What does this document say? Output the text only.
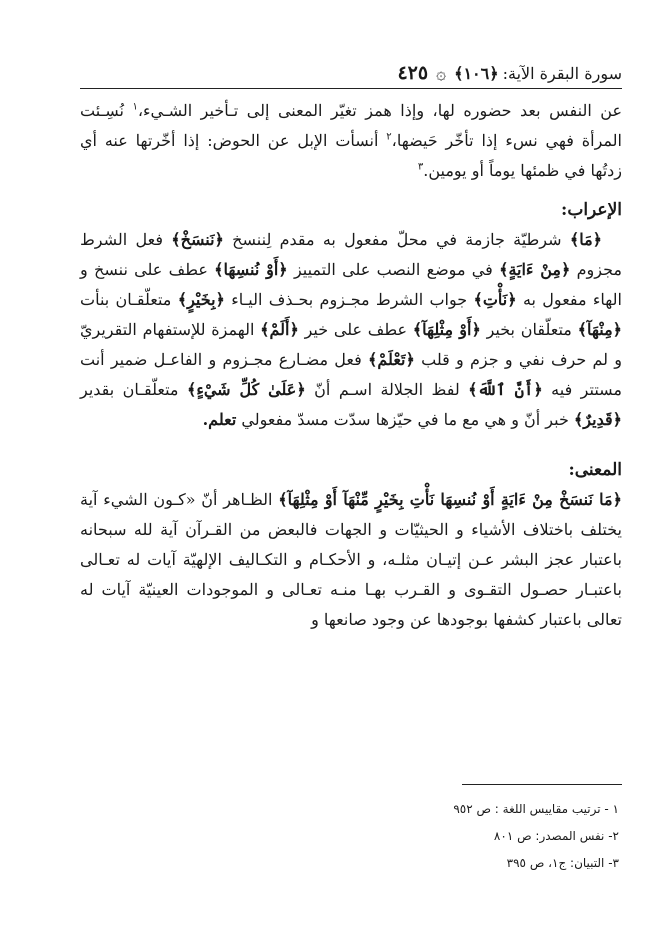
سورة البقرة الآية:
﴿١٠٦﴾
۞
٤٢٥

عن النفس بعد حضوره لها، وإذا همز تغيّر المعنى إلى تـأخير الشـيء،$^١$ نُسِـئت المرأة فهي نسء إذا تأخّر حَيضها،$^٢$ أنسأت الإبل عن الحوض: إذا أخّرتها عنه أي زدتُها في ظمئها يوماً أو يومين.$^٣$

الإعراب:

﴿مَا﴾ شرطيّة جازمة في محلّ مفعول به مقدم لِننسخ ﴿نَنسَخْ﴾ فعل الشرط مجزوم ﴿مِنْ ءَايَةٍ﴾ في موضع النصب على التمييز ﴿أَوْ نُنسِهَا﴾ عطف على ننسخ و الهاء مفعول به ﴿نَأْتِ﴾ جواب الشرط مجـزوم بحـذف اليـاء ﴿بِخَيْرٍ﴾ متعلّقـان بنأت ﴿مِنْهَآ﴾ متعلّقان بخير ﴿أَوْ مِثْلِهَآ﴾ عطف على خير ﴿أَلَمْ﴾ الهمزة للإستفهام التقريريّ و لم حرف نفي و جزم و قلب ﴿تَعْلَمْ﴾ فعل مضـارع مجـزوم و الفاعـل ضمير أنت مستتر فيه ﴿أَنَّ ٱللَّهَ﴾ لفظ الجلالة اسـم أنّ ﴿عَلَىٰ كُلِّ شَيْءٍ﴾ متعلّقـان بقدير ﴿قَدِيرٌ﴾ خبر أنّ و هي مع ما في حيّزها سدّت مسدّ مفعولي تعلم.

المعنى:

﴿مَا نَنسَخْ مِنْ ءَايَةٍ أَوْ نُنسِهَا نَأْتِ بِخَيْرٍ مِّنْهَآ أَوْ مِثْلِهَآ﴾ الظـاهر أنّ «كـون الشيء آية يختلف باختلاف الأشياء و الحيثيّات و الجهات فالبعض من القـرآن آية لله سبحانه باعتبار عجز البشر عـن إتيـان مثلـه، و الأحكـام و التكـاليف الإلهيّة آيات له تعـالى باعتبـار حصـول التقـوى و القـرب بهـا منـه تعـالى و الموجودات العينيّة آيات له تعالى باعتبار كشفها بوجودها عن وجود صانعها و

١ - ترتيب مقاييس اللغة : ص ٩٥٢
٢- نفس المصدر: ص ٨٠١
٣- التبيان: ج١، ص ٣٩٥
